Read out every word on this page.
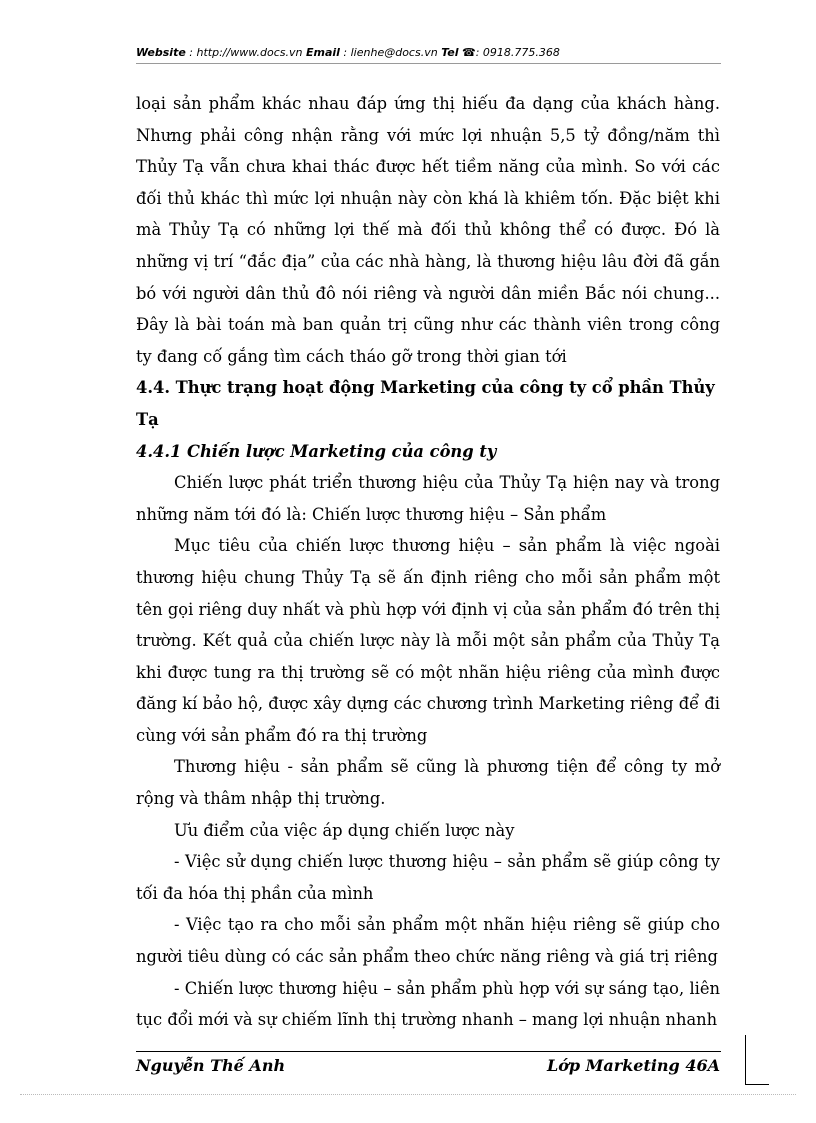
Website : http://www.docs.vn Email : lienhe@docs.vn Tel ☎: 0918.775.368

loại sản phẩm khác nhau đáp ứng thị hiếu đa dạng của khách hàng. Nhưng phải công nhận rằng với mức lợi nhuận 5,5 tỷ đồng/năm thì Thủy Tạ vẫn chưa khai thác được hết tiềm năng của mình. So với các đối thủ khác thì mức lợi nhuận này còn khá là khiêm tốn. Đặc biệt khi mà Thủy Tạ có những lợi thế mà đối thủ không thể có được. Đó là những vị trí “đắc địa” của các nhà hàng, là thương hiệu lâu đời đã gắn bó với người dân thủ đô nói riêng và người dân miền Bắc nói chung... Đây là bài toán mà ban quản trị cũng như các thành viên trong công ty đang cố gắng tìm cách tháo gỡ trong thời gian tới

4.4. Thực trạng hoạt động Marketing của công ty cổ phần Thủy Tạ

4.4.1 Chiến lược Marketing của công ty

Chiến lược phát triển thương hiệu của Thủy Tạ hiện nay và trong những năm tới đó là: Chiến lược thương hiệu – Sản phẩm

Mục tiêu của chiến lược thương hiệu – sản phẩm là việc ngoài thương hiệu chung Thủy Tạ sẽ ấn định riêng cho mỗi sản phẩm một tên gọi riêng duy nhất và phù hợp với định vị của sản phẩm đó trên thị trường. Kết quả của chiến lược này là mỗi một sản phẩm của Thủy Tạ khi được tung ra thị trường sẽ có một nhãn hiệu riêng của mình được đăng kí bảo hộ, được xây dựng các chương trình Marketing riêng để đi cùng với sản phẩm đó ra thị trường

Thương hiệu - sản phẩm sẽ cũng là phương tiện để công ty mở rộng và thâm nhập thị trường.

Ưu điểm của việc áp dụng chiến lược này

- Việc sử dụng chiến lược thương hiệu – sản phẩm sẽ giúp công ty tối đa hóa thị phần của mình

- Việc tạo ra cho mỗi sản phẩm một nhãn hiệu riêng sẽ giúp cho người tiêu dùng có các sản phẩm theo chức năng riêng và giá trị riêng

- Chiến lược thương hiệu – sản phẩm phù hợp với sự sáng tạo, liên tục đổi mới và sự chiếm lĩnh thị trường nhanh – mang lợi nhuận nhanh

Nguyễn Thế Anh	Lớp Marketing 46A
